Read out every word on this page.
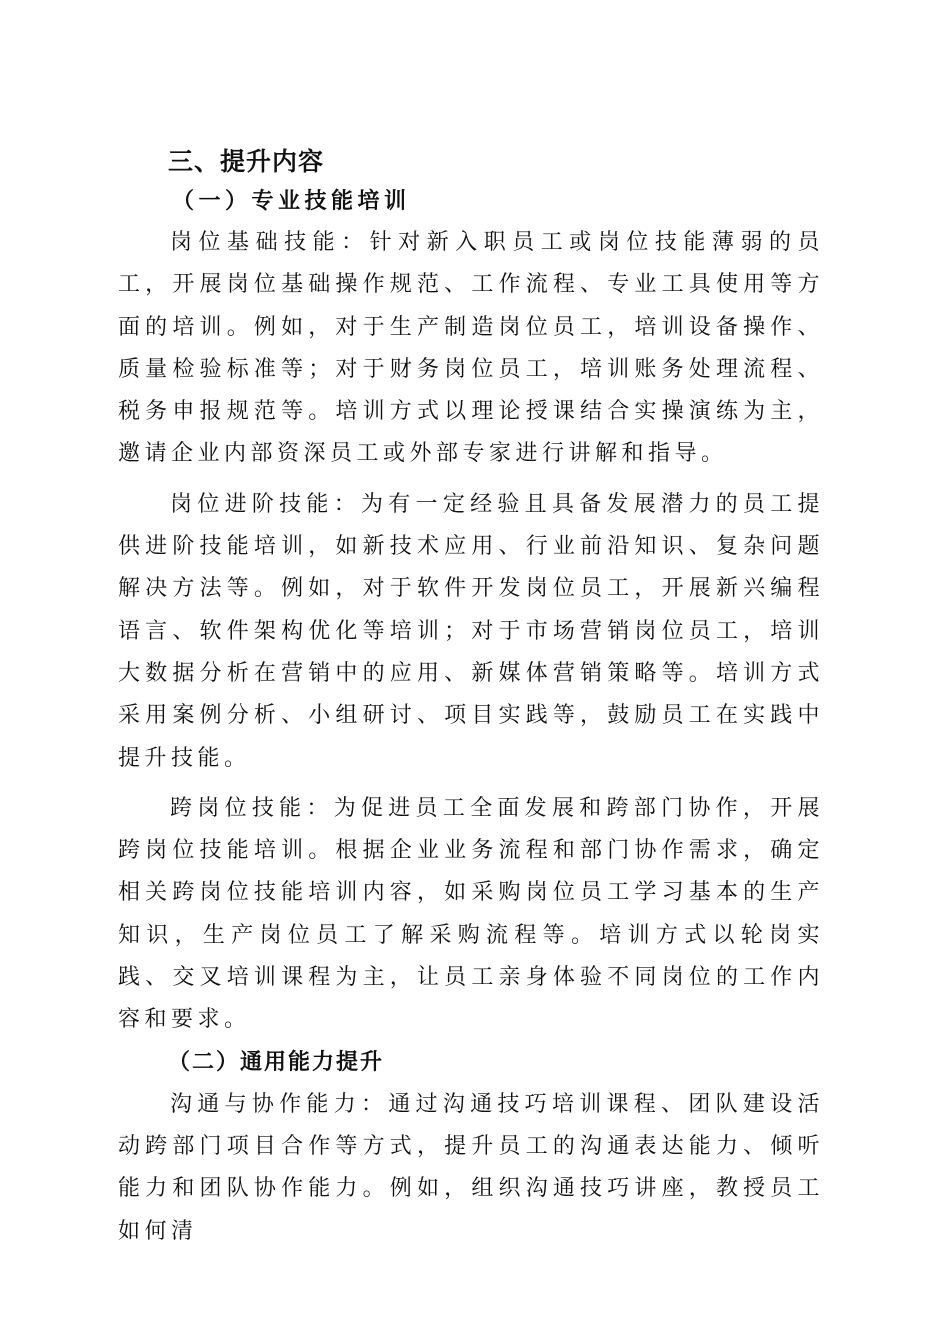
三、提升内容
（一）专业技能培训

岗位基础技能：针对新入职员工或岗位技能薄弱的员工，开展岗位基础操作规范、工作流程、专业工具使用等方面的培训。例如，对于生产制造岗位员工，培训设备操作、质量检验标准等；对于财务岗位员工，培训账务处理流程、税务申报规范等。培训方式以理论授课结合实操演练为主，邀请企业内部资深员工或外部专家进行讲解和指导。

岗位进阶技能：为有一定经验且具备发展潜力的员工提供进阶技能培训，如新技术应用、行业前沿知识、复杂问题解决方法等。例如，对于软件开发岗位员工，开展新兴编程语言、软件架构优化等培训；对于市场营销岗位员工，培训大数据分析在营销中的应用、新媒体营销策略等。培训方式采用案例分析、小组研讨、项目实践等，鼓励员工在实践中提升技能。

跨岗位技能：为促进员工全面发展和跨部门协作，开展跨岗位技能培训。根据企业业务流程和部门协作需求，确定相关跨岗位技能培训内容，如采购岗位员工学习基本的生产知识，生产岗位员工了解采购流程等。培训方式以轮岗实践、交叉培训课程为主，让员工亲身体验不同岗位的工作内容和要求。

（二）通用能力提升

沟通与协作能力：通过沟通技巧培训课程、团队建设活动跨部门项目合作等方式，提升员工的沟通表达能力、倾听能力和团队协作能力。例如，组织沟通技巧讲座，教授员工如何清
